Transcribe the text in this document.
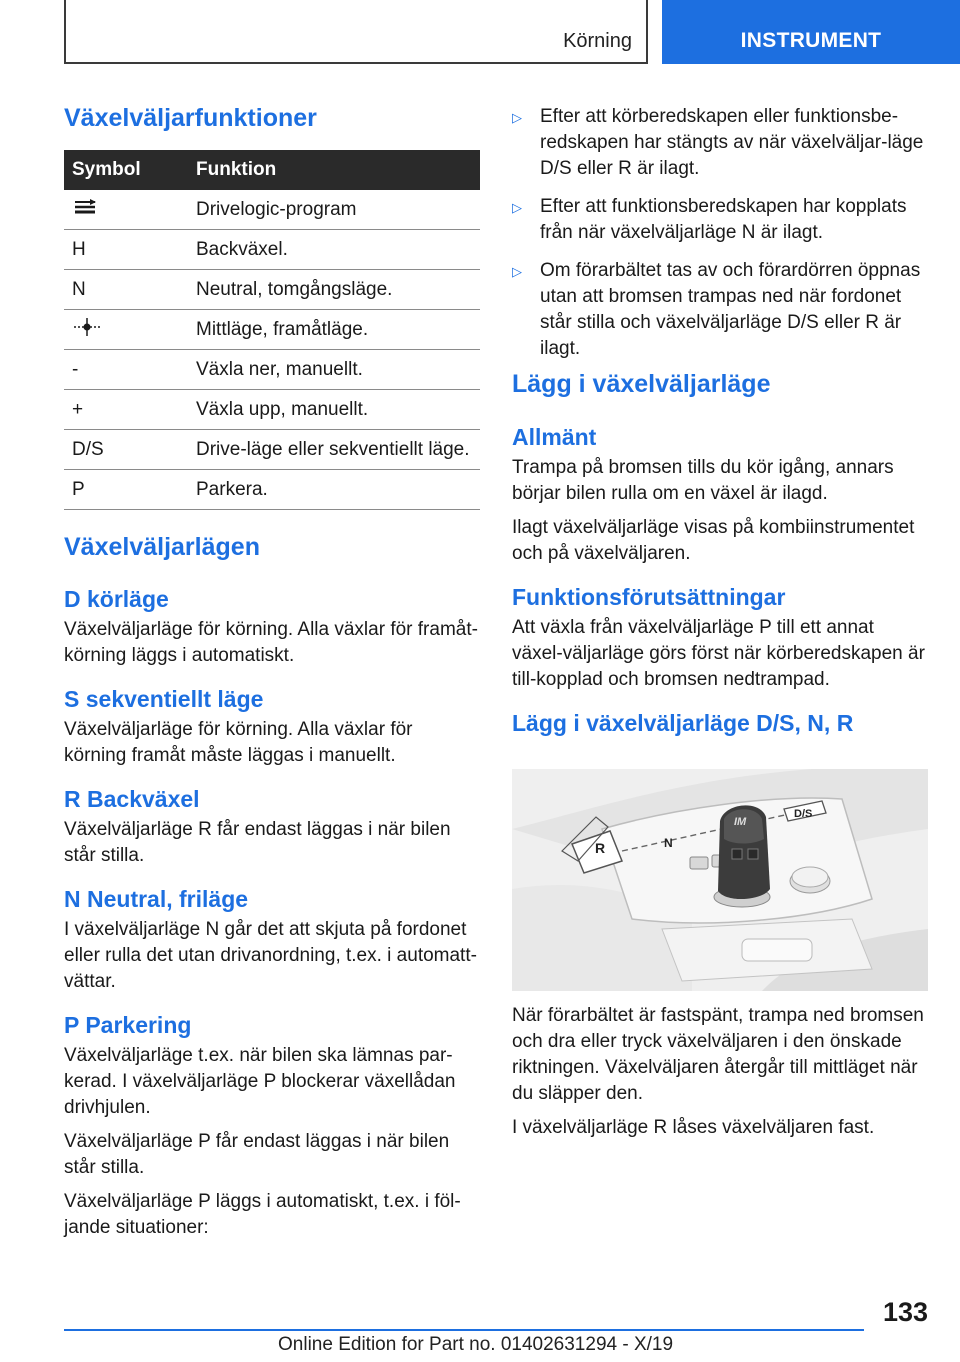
Körning	INSTRUMENT
Växelväljarfunktioner
Symbol	Funktion
	Drivelogic-program
H	Backväxel.
N	Neutral, tomgångsläge.
	Mittläge, framåtläge.
-	Växla ner, manuellt.
+	Växla upp, manuellt.
D/S	Drive-läge eller sekventiellt läge.
P	Parkera.
Växelväljarlägen
D körläge

Växelväljarläge för körning. Alla växlar för framåt-körning läggs i automatiskt.

S sekventiellt läge

Växelväljarläge för körning. Alla växlar för körning framåt måste läggas i manuellt.

R Backväxel

Växelväljarläge R får endast läggas i när bilen står stilla.

N Neutral, friläge

I växelväljarläge N går det att skjuta på fordonet eller rulla det utan drivanordning, t.ex. i automatt-vättar.

P Parkering

Växelväljarläge t.ex. när bilen ska lämnas par-kerad. I växelväljarläge P blockerar växellådan drivhjulen.

Växelväljarläge P får endast läggas i när bilen står stilla.

Växelväljarläge P läggs i automatiskt, t.ex. i föl-jande situationer:

▷ Efter att körberedskapen eller funktionsbe-redskapen har stängts av när växelväljar-läge D/S eller R är ilagt.
▷ Efter att funktionsberedskapen har kopplats från när växelväljarläge N är ilagt.
▷ Om förarbältet tas av och förardörren öppnas utan att bromsen trampas ned när fordonet står stilla och växelväljarläge D/S eller R är ilagt.
Lägg i växelväljarläge
Allmänt

Trampa på bromsen tills du kör igång, annars börjar bilen rulla om en växel är ilagd.

Ilagt växelväljarläge visas på kombiinstrumentet och på växelväljaren.

Funktionsförutsättningar

Att växla från växelväljarläge P till ett annat växel-väljarläge görs först när körberedskapen är till-kopplad och bromsen nedtrampad.

Lägg i växelväljarläge D/S, N, R
R	N
D/S
IM

När förarbältet är fastspänt, trampa ned bromsen och dra eller tryck växelväljaren i den önskade riktningen. Växelväljaren återgår till mittläget när du släpper den.

I växelväljarläge R låses växelväljaren fast.

133
Online Edition for Part no. 01402631294 - X/19
